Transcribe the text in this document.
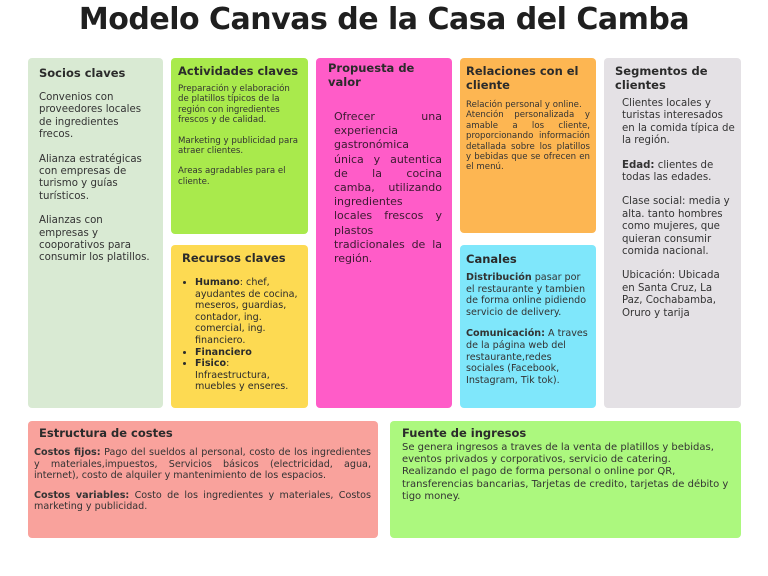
Modelo Canvas de la Casa del Camba
Socios claves

Convenios con proveedores locales de ingredientes frecos.

Alianza estratégicas con empresas de turismo y guías turísticos.

Alianzas con empresas y cooporativos para consumir los platillos.

Actividades claves

Preparación y elaboración de platillos típicos de la región con ingredientes frescos y de calidad.

Marketing y publicidad para atraer clientes.

Areas agradables para el cliente.

Recursos claves
• Humano: chef, ayudantes de cocina, meseros, guardias, contador, ing. comercial, ing. financiero.
• Financiero
• Fisico: Infraestructura, muebles y enseres.
Propuesta de valor

Ofrecer una experiencia gastronómica única y autentica de la cocina camba, utilizando ingredientes locales frescos y plastos tradicionales de la región.

Relaciones con el cliente

Relación personal y online.

Atención personalizada y amable a los cliente, proporcionando información detallada sobre los platillos y bebidas que se ofrecen en el menú.

Canales

Distribución pasar por el restaurante y tambien de forma online pidiendo servicio de delivery.

Comunicación: A traves de la página web del restaurante,redes sociales (Facebook, Instagram, Tik tok).

Segmentos de clientes

Clientes locales y turistas interesados en la comida típica de la región.

Edad: clientes de todas las edades.

Clase social: media y alta. tanto hombres como mujeres, que quieran consumir comida nacional.

Ubicación: Ubicada en Santa Cruz, La Paz, Cochabamba, Oruro y tarija

Estructura de costes

Costos fijos: Pago del sueldos al personal, costo de los ingredientes y materiales,impuestos, Servicios básicos (electricidad, agua, internet), costo de alquiler y mantenimiento de los espacios.

Costos variables: Costo de los ingredientes y materiales, Costos marketing y publicidad.

Fuente de ingresos

Se genera ingresos a traves de la venta de platillos y bebidas, eventos privados y corporativos, servicio de catering.

Realizando el pago de forma personal o online por QR, transferencias bancarias, Tarjetas de credito, tarjetas de débito y tigo money.
